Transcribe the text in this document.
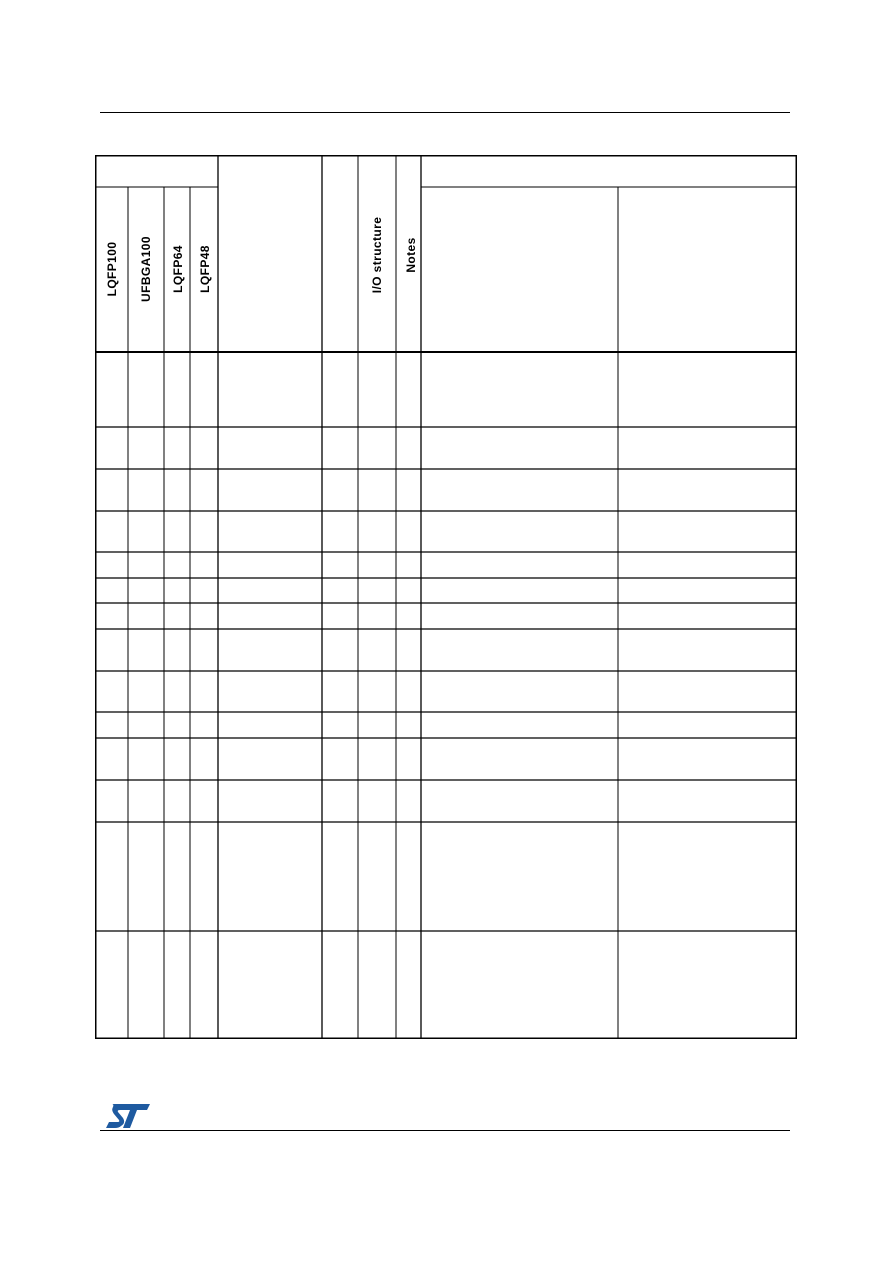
LQFP100 UFBGA100 LQFP64 LQFP48	I/O structure Notes
